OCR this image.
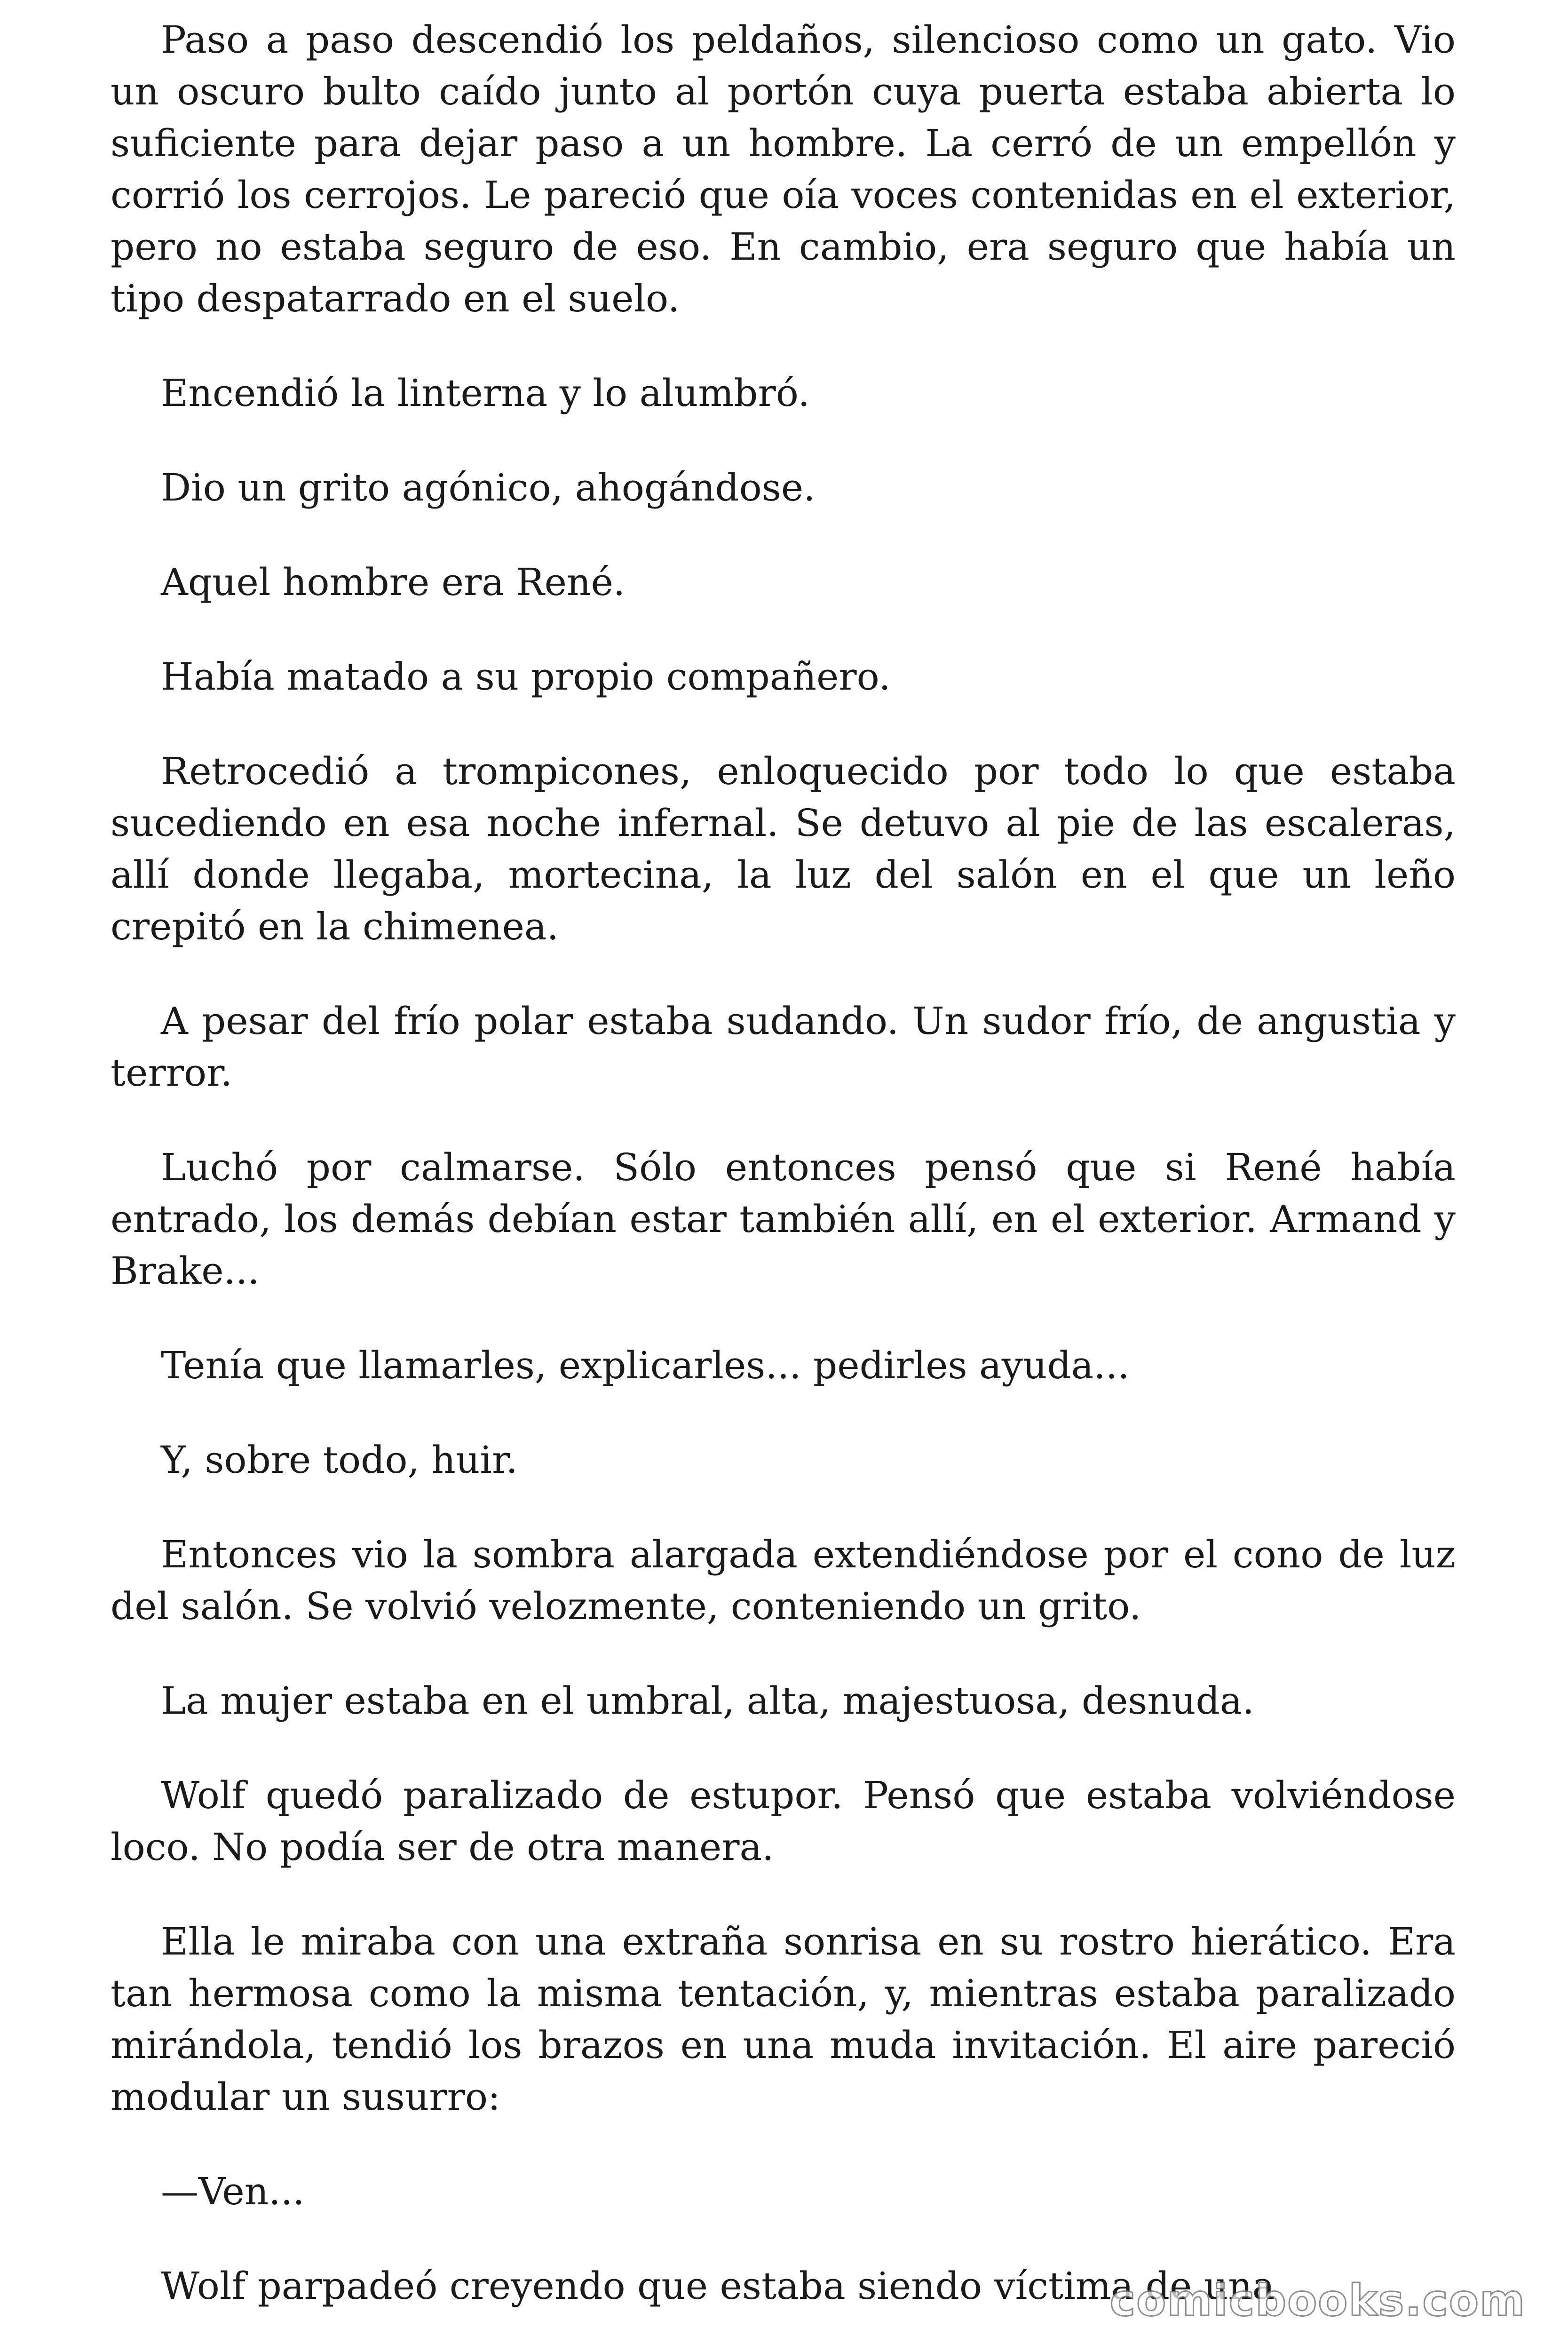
Paso a paso descendió los peldaños, silencioso como un gato. Vio un oscuro bulto caído junto al portón cuya puerta estaba abierta lo suficiente para dejar paso a un hombre. La cerró de un empellón y corrió los cerrojos. Le pareció que oía voces contenidas en el exterior, pero no estaba seguro de eso. En cambio, era seguro que había un tipo despatarrado en el suelo.

Encendió la linterna y lo alumbró.

Dio un grito agónico, ahogándose.

Aquel hombre era René.

Había matado a su propio compañero.

Retrocedió a trompicones, enloquecido por todo lo que estaba sucediendo en esa noche infernal. Se detuvo al pie de las escaleras, allí donde llegaba, mortecina, la luz del salón en el que un leño crepitó en la chimenea.

A pesar del frío polar estaba sudando. Un sudor frío, de angustia y terror.

Luchó por calmarse. Sólo entonces pensó que si René había entrado, los demás debían estar también allí, en el exterior. Armand y Brake...

Tenía que llamarles, explicarles... pedirles ayuda...

Y, sobre todo, huir.

Entonces vio la sombra alargada extendiéndose por el cono de luz del salón. Se volvió velozmente, conteniendo un grito.

La mujer estaba en el umbral, alta, majestuosa, desnuda.

Wolf quedó paralizado de estupor. Pensó que estaba volviéndose loco. No podía ser de otra manera.

Ella le miraba con una extraña sonrisa en su rostro hierático. Era tan hermosa como la misma tentación, y, mientras estaba paralizado mirándola, tendió los brazos en una muda invitación. El aire pareció modular un susurro:

—Ven...

Wolf parpadeó creyendo que estaba siendo víctima de una

comicbooks.com
